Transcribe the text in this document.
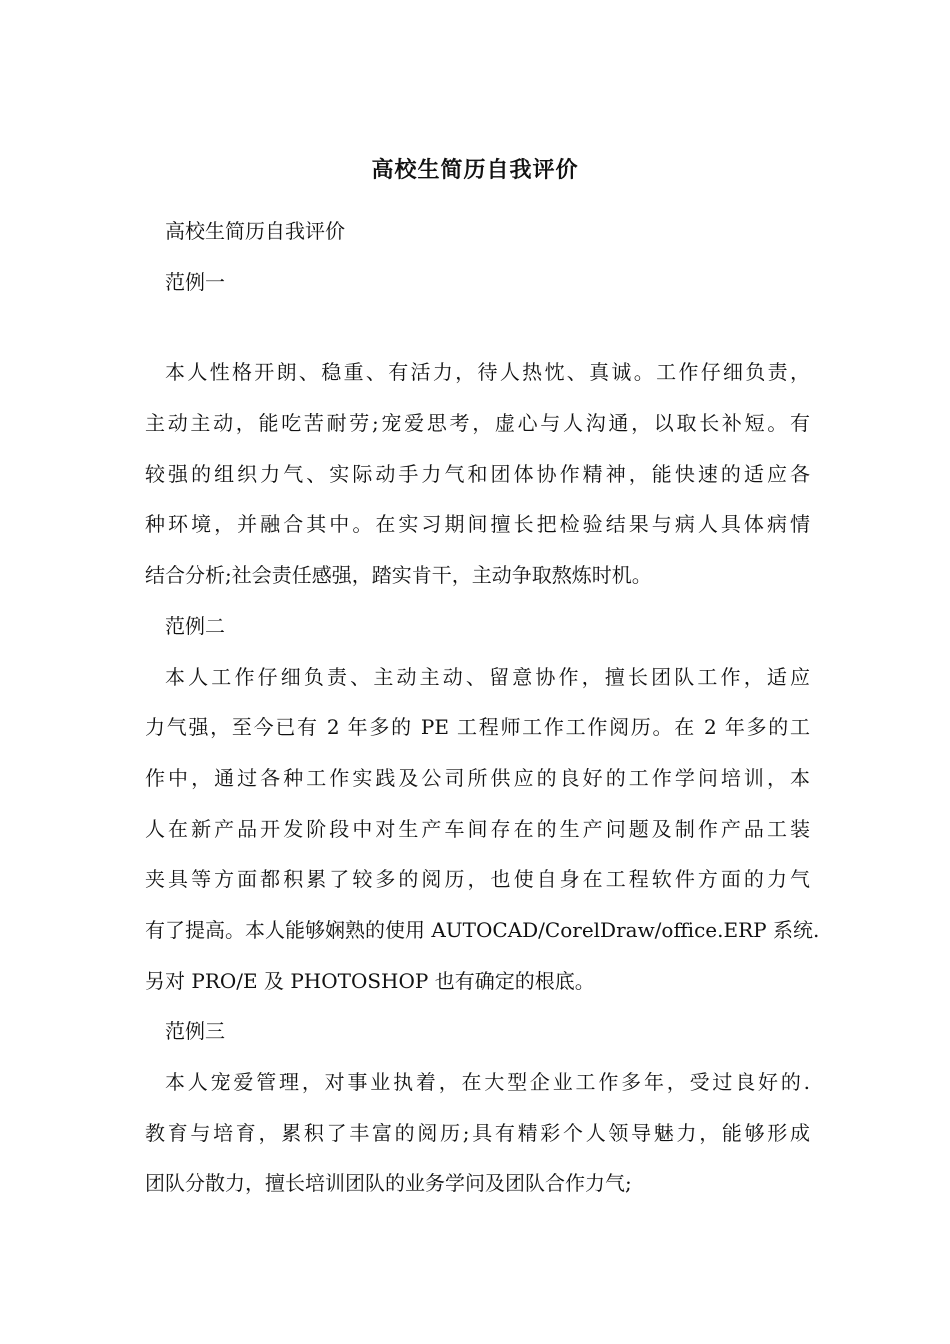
高校生简历自我评价
高校生简历自我评价
范例一
本人性格开朗、稳重、有活力，待人热忱、真诚。工作仔细负责，
主动主动，能吃苦耐劳;宠爱思考，虚心与人沟通，以取长补短。有
较强的组织力气、实际动手力气和团体协作精神，能快速的适应各
种环境，并融合其中。在实习期间擅长把检验结果与病人具体病情
结合分析;社会责任感强，踏实肯干，主动争取熬炼时机。
范例二
本人工作仔细负责、主动主动、留意协作，擅长团队工作，适应
力气强，至今已有 2 年多的 PE 工程师工作工作阅历。在 2 年多的工
作中，通过各种工作实践及公司所供应的良好的工作学问培训，本
人在新产品开发阶段中对生产车间存在的生产问题及制作产品工装
夹具等方面都积累了较多的阅历，也使自身在工程软件方面的力气
有了提高。本人能够娴熟的使用 AUTOCAD/CorelDraw/office.ERP 系统.
另对 PRO/E 及 PHOTOSHOP 也有确定的根底。
范例三
本人宠爱管理，对事业执着，在大型企业工作多年，受过良好的.
教育与培育，累积了丰富的阅历;具有精彩个人领导魅力，能够形成
团队分散力，擅长培训团队的业务学问及团队合作力气;
